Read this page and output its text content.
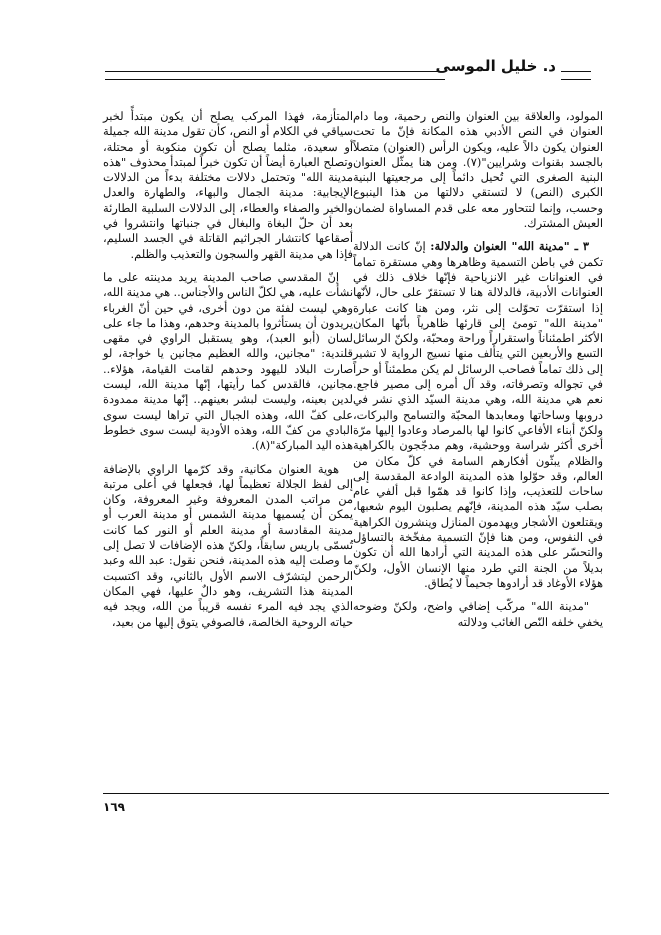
د. خليل الموسى

المولود، والعلاقة بين العنوان والنص رحمية، وما دام العنوان في النص الأدبي هذه المكانة فإنّ ما تحت العنوان يكون دالاً عليه، ويكون الرأس (العنوان) متصلاً بالجسد بقنوات وشرايين"(٧). ومن هنا يمثّل العنوان البنية الصغرى التي تُحيل دائماً إلى مرجعيتها البنية الكبرى (النص) لا لتستقي دلالتها من هذا الينبوع وحسب، وإنما لتتحاور معه على قدم المساواة لضمان العيش المشترك.

٣ ـ "مدينة الله" العنوان والدلالة: إنّ كانت الدلالة تكمن في باطن التسمية وظاهرها وهي مستقرة تماماً في العنوانات غير الانزياحية فإنّها خلاف ذلك في العنوانات الأدبية، فالدلالة هنا لا تستقرّ على حال، لأنّها إذا استقرّت تحوّلت إلى نثر، ومن هنا كانت عبارة "مدينة الله" تومئ إلى قارئها ظاهرياً بأنّها المكان الأكثر اطمئناناً واستقراراً وراحة ومحبّة، ولكنّ الرسائل التسع والأربعين التي يتألف منها نسيج الرواية لا تشير إلى ذلك تماماً فصاحب الرسائل لم يكن مطمئناً أو حراً في تجواله وتصرفاته، وقد آل أمره إلى مصير فاجع. نعم هي مدينة الله، وهي مدينة السيّد الذي نشر في دروبها وساحاتها ومعابدها المحبّة والتسامح والبركات، ولكنّ أبناء الأفاعي كانوا لها بالمرصاد وعادوا إليها مرّة أخرى أكثر شراسة ووحشية، وهم مدجّجون بالكراهية والظلام يبثّون أفكارهم السامة في كلّ مكان من العالم، وقد حوّلوا هذه المدينة الوادعة المقدسة إلى ساحات للتعذيب، وإذا كانوا قد همّوا قبل ألفي عام بصلب سيّد هذه المدينة، فإنّهم يصلبون اليوم شعبها، ويقتلعون الأشجار ويهدمون المنازل وينشرون الكراهية في النفوس، ومن هنا فإنّ التسمية مفخّخة بالتساؤل والتحسّر على هذه المدينة التي أرادها الله أن تكون بديلاً من الجنة التي طرد منها الإنسان الأول، ولكنّ هؤلاء الأوغاد قد أرادوها جحيماً لا يُطاق.

"مدينة الله" مركّب إضافي واضح، ولكنّ وضوحه يخفي خلفه النّص الغائب ودلالته

المتأزمة، فهذا المركب يصلح أن يكون مبتدأً لخبر سياقي في الكلام أو النص، كأن تقول مدينة الله جميلة أو سعيدة، مثلما يصلح أن تكون منكوبة أو محتلة، وتصلح العبارة أيضاً أن تكون خبراً لمبتدأ محذوف "هذه مدينة الله" وتحتمل دلالات مختلفة بدءاً من الدلالات الإيجابية: مدينة الجمال والبهاء، والطهارة والعدل والخير والصفاء والعطاء، إلى الدلالات السلبية الطارئة بعد أن حلّ البغاة والبغال في جنباتها وانتشروا في أصقاعها كانتشار الجراثيم القاتلة في الجسد السليم، فإذا هي مدينة القهر والسجون والتعذيب والظلم.

إنّ المقدسي صاحب المدينة يريد مدينته على ما نشأت عليه، هي لكلّ الناس والأجناس.. هي مدينة الله، وهي ليست لفئة من دون أخرى، في حين أنّ الغرباء يريدون أن يستأثروا بالمدينة وحدهم، وهذا ما جاء على لسان (أبو العبد)، وهو يستقبل الراوي في مقهى قلندية: "مجانين، والله العظيم مجانين يا خواجة، لو صارت البلاد لليهود وحدهم لقامت القيامة، هؤلاء.. مجانين، فالقدس كما رأيتها، إنّها مدينة الله، ليست لدين بعينه، وليست لبشر بعينهم.. إنّها مدينة ممدودة على كفّ الله، وهذه الجبال التي تراها ليست سوى البادي من كفّ الله، وهذه الأودية ليست سوى خطوط هذه اليد المباركة"(٨).

هوية العنوان مكانية، وقد كرّمها الراوي بالإضافة إلى لفظ الجلالة تعظيماً لها، فجعلها في أعلى مرتبة من مراتب المدن المعروفة وغير المعروفة، وكان يمكن أن يُسميها مدينة الشمس أو مدينة العرب أو مدينة المقادسة أو مدينة العلم أو النور كما كانت تُسمّى باريس سابقاً، ولكنّ هذه الإضافات لا تصل إلى ما وصلت إليه هذه المدينة، فنحن نقول: عبد الله وعبد الرحمن ليتشرّف الاسم الأول بالثاني، وقد اكتسبت المدينة هذا التشريف، وهو دالٌ عليها، فهي المكان الذي يجد فيه المرء نفسه قريباً من الله، ويجد فيه حياته الروحية الخالصة، فالصوفي يتوق إليها من بعيد،

١٦٩
